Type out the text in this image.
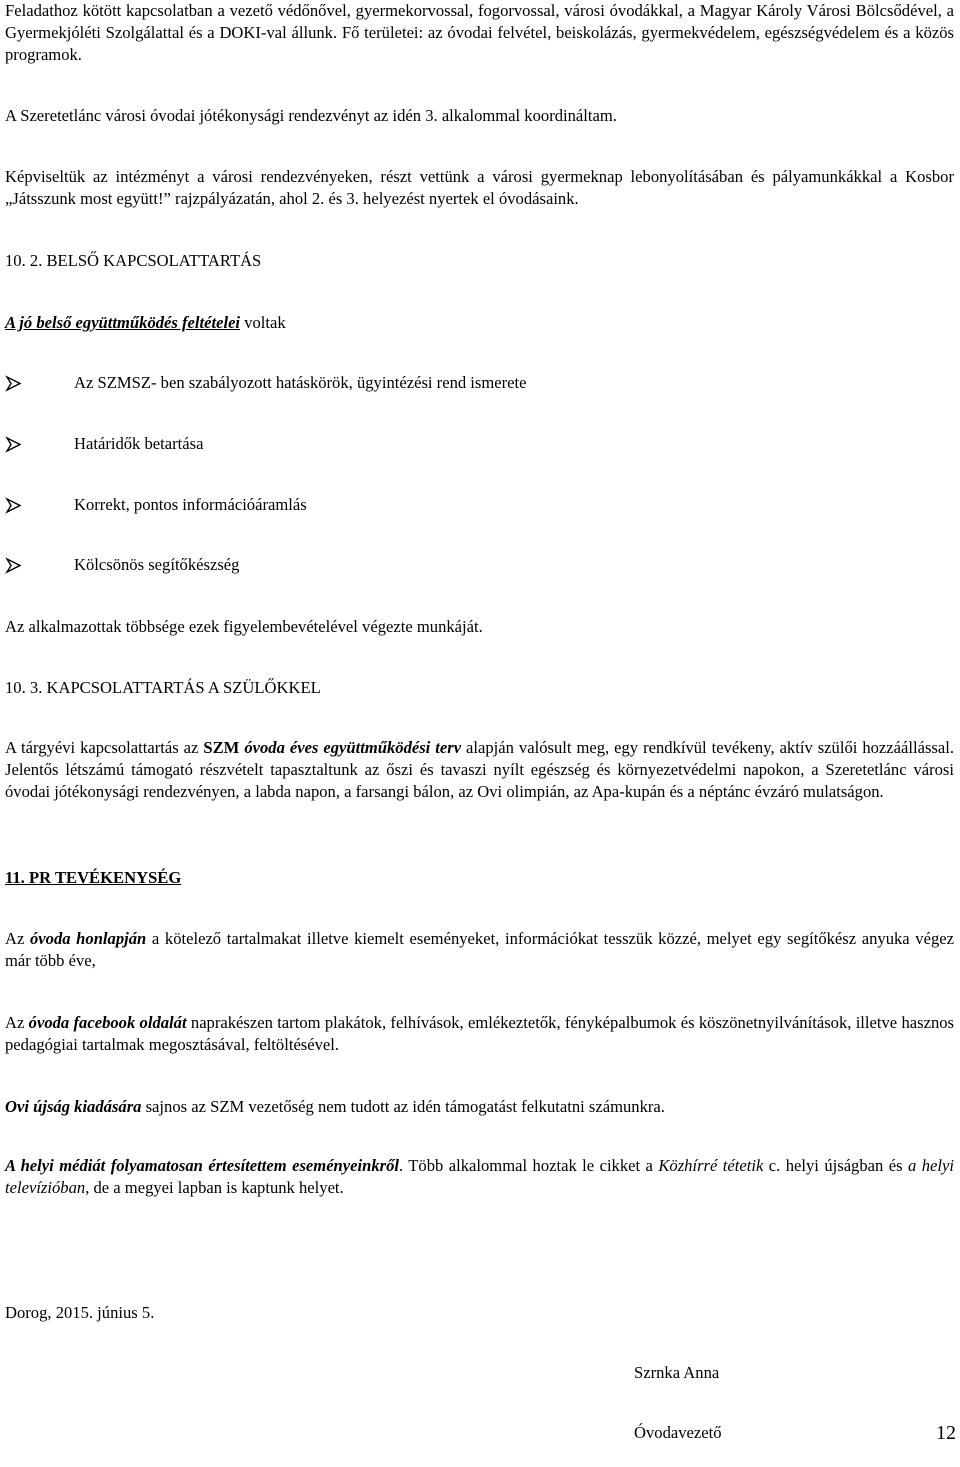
Feladathoz kötött kapcsolatban a vezető védőnővel, gyermekorvossal, fogorvossal, városi óvodákkal, a Magyar Károly Városi Bölcsődével, a Gyermekjóléti Szolgálattal és a DOKI-val állunk. Fő területei: az óvodai felvétel, beiskolázás, gyermekvédelem, egészségvédelem és a közös programok.

A Szeretetlánc városi óvodai jótékonysági rendezvényt az idén 3. alkalommal koordináltam.

Képviseltük az intézményt a városi rendezvényeken, részt vettünk a városi gyermeknap lebonyolításában és pályamunkákkal a Kosbor „Játsszunk most együtt!” rajzpályázatán, ahol 2. és 3. helyezést nyertek el óvodásaink.

10. 2. BELSŐ KAPCSOLATTARTÁS

A jó belső együttműködés feltételei voltak

Az SZMSZ- ben szabályozott hatáskörök, ügyintézési rend ismerete
Határidők betartása
Korrekt, pontos információáramlás
Kölcsönös segítőkészség

Az alkalmazottak többsége ezek figyelembevételével végezte munkáját.

10. 3. KAPCSOLATTARTÁS A SZÜLŐKKEL

A tárgyévi kapcsolattartás az SZM óvoda éves együttműködési terv alapján valósult meg, egy rendkívül tevékeny, aktív szülői hozzáállással. Jelentős létszámú támogató részvételt tapasztaltunk az őszi és tavaszi nyílt egészség és környezetvédelmi napokon, a Szeretetlánc városi óvodai jótékonysági rendezvényen, a labda napon, a farsangi bálon, az Ovi olimpián, az Apa-kupán és a néptánc évzáró mulatságon.

11. PR TEVÉKENYSÉG

Az óvoda honlapján a kötelező tartalmakat illetve kiemelt eseményeket, információkat tesszük közzé, melyet egy segítőkész anyuka végez már több éve,

Az óvoda facebook oldalát naprakészen tartom plakátok, felhívások, emlékeztetők, fényképalbumok és köszönetnyilvánítások, illetve hasznos pedagógiai tartalmak megosztásával, feltöltésével.

Ovi újság kiadására sajnos az SZM vezetőség nem tudott az idén támogatást felkutatni számunkra.

A helyi médiát folyamatosan értesítettem eseményeinkről. Több alkalommal hoztak le cikket a Közhírré tétetik c. helyi újságban és a helyi televízióban, de a megyei lapban is kaptunk helyet.

Dorog, 2015. június 5.

Szrnka Anna
Óvodavezető	12
